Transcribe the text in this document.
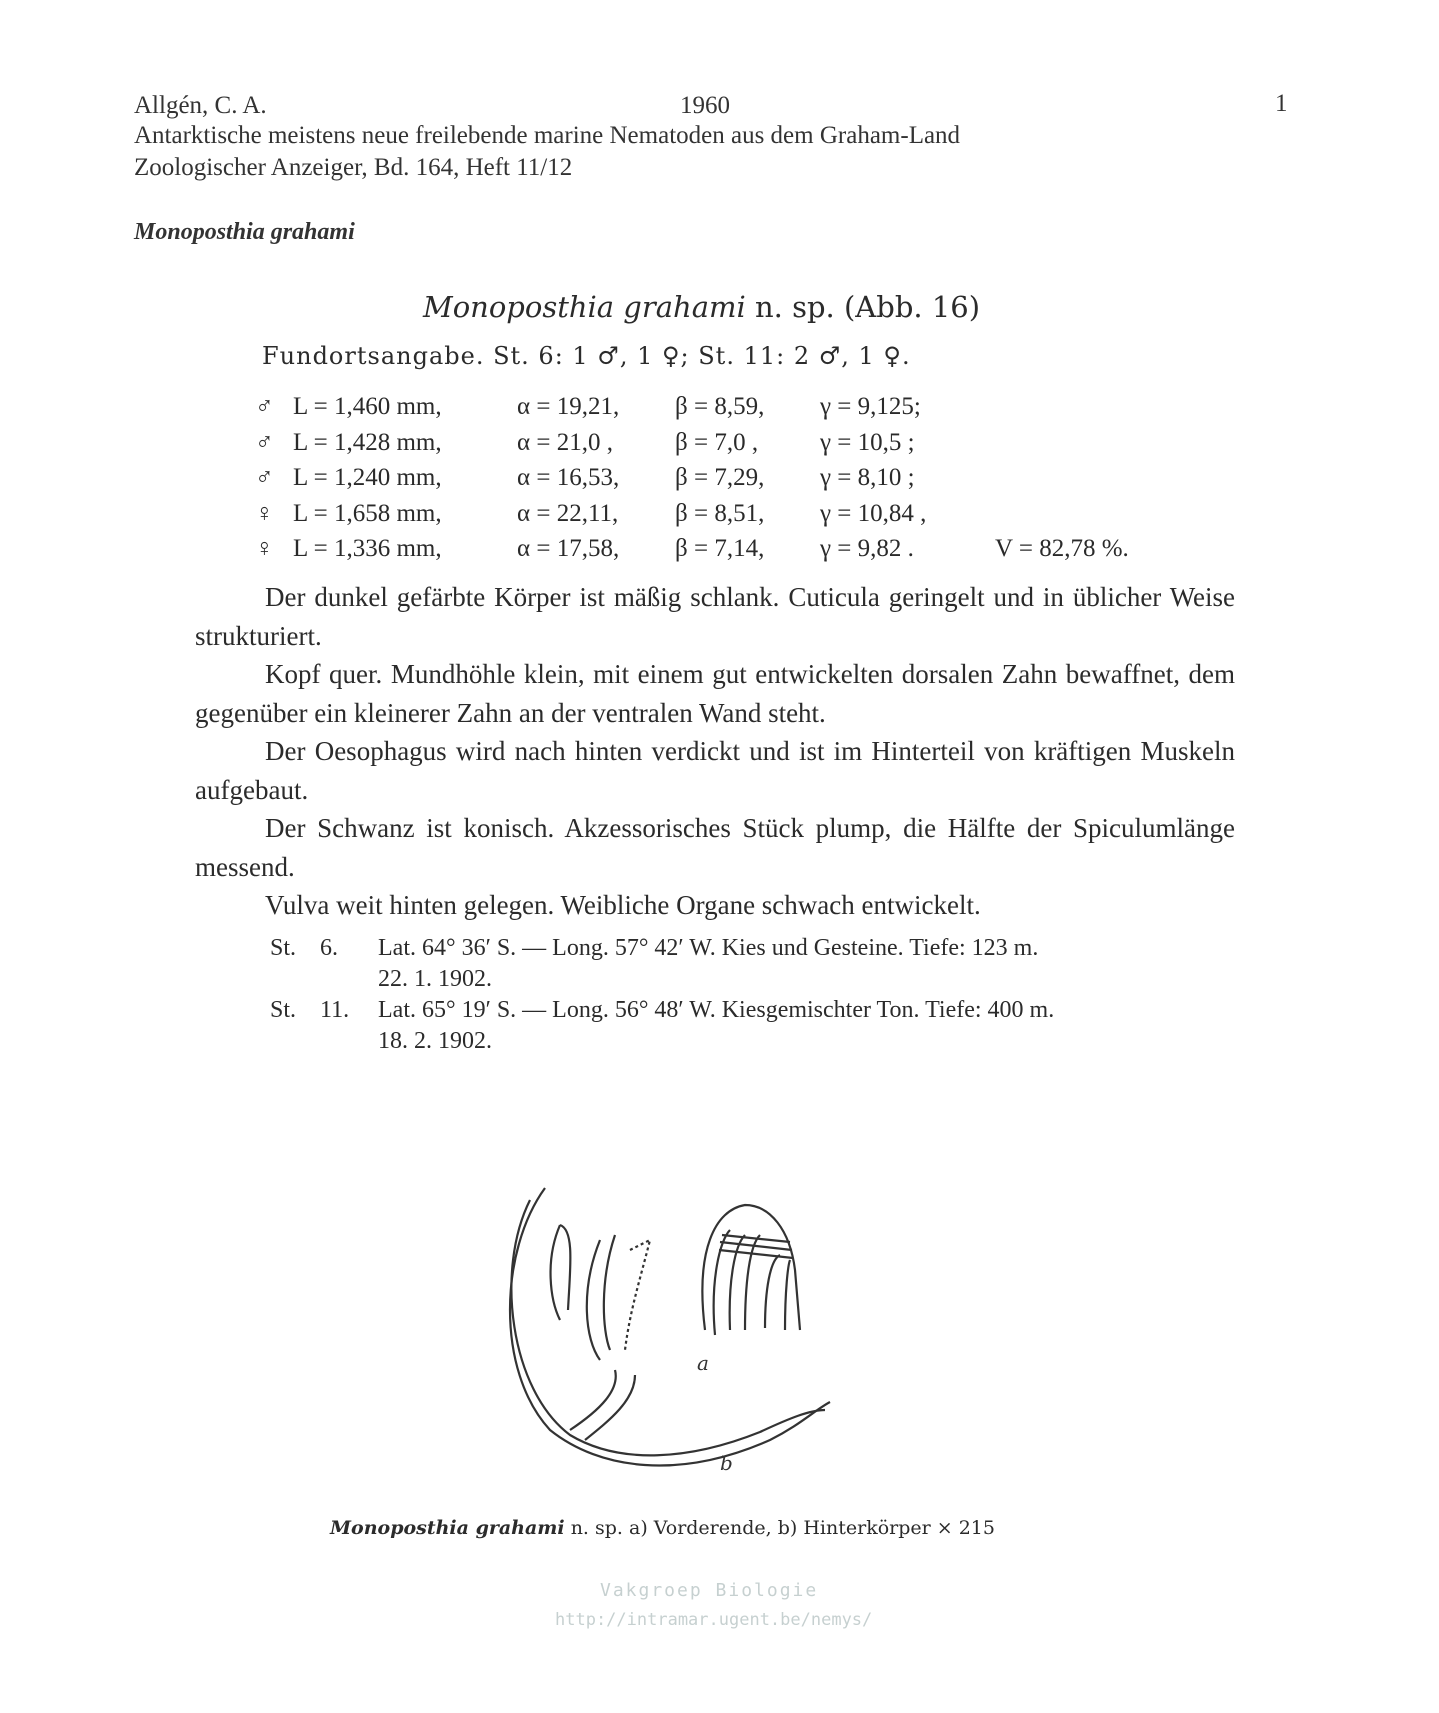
Allgén, C. A.	1960	1
Antarktische meistens neue freilebende marine Nematoden aus dem Graham-Land
Zoologischer Anzeiger, Bd. 164, Heft 11/12
Monoposthia grahami
Monoposthia grahami n. sp. (Abb. 16)
Fundortsangabe. St. 6: 1 ♂, 1 ♀; St. 11: 2 ♂, 1 ♀.
♂ L = 1,460 mm,	α = 19,21, β = 8,59, γ = 9,125;
♂ L = 1,428 mm,	α = 21,0 , β = 7,0 , γ = 10,5 ;
♂ L = 1,240 mm,	α = 16,53, β = 7,29, γ = 8,10 ;
♀ L = 1,658 mm,	α = 22,11, β = 8,51, γ = 10,84 ,
♀ L = 1,336 mm,	α = 17,58, β = 7,14, γ = 9,82 .	V = 82,78 %.

Der dunkel gefärbte Körper ist mäßig schlank. Cuticula geringelt und in üblicher Weise strukturiert.

Kopf quer. Mundhöhle klein, mit einem gut entwickelten dorsalen Zahn bewaffnet, dem gegenüber ein kleinerer Zahn an der ventralen Wand steht.

Der Oesophagus wird nach hinten verdickt und ist im Hinterteil von kräftigen Muskeln aufgebaut.

Der Schwanz ist konisch. Akzessorisches Stück plump, die Hälfte der Spiculumlänge messend.

Vulva weit hinten gelegen. Weibliche Organe schwach entwickelt.

St. 6.	Lat. 64° 36′ S. — Long. 57° 42′ W. Kies und Gesteine. Tiefe: 123 m.
22. 1. 1902.
St. 11.	Lat. 65° 19′ S. — Long. 56° 48′ W. Kiesgemischter Ton. Tiefe: 400 m.
18. 2. 1902.
a
b
Monoposthia grahami n. sp. a) Vorderende, b) Hinterkörper × 215
Vakgroep Biologie
http://intramar.ugent.be/nemys/
